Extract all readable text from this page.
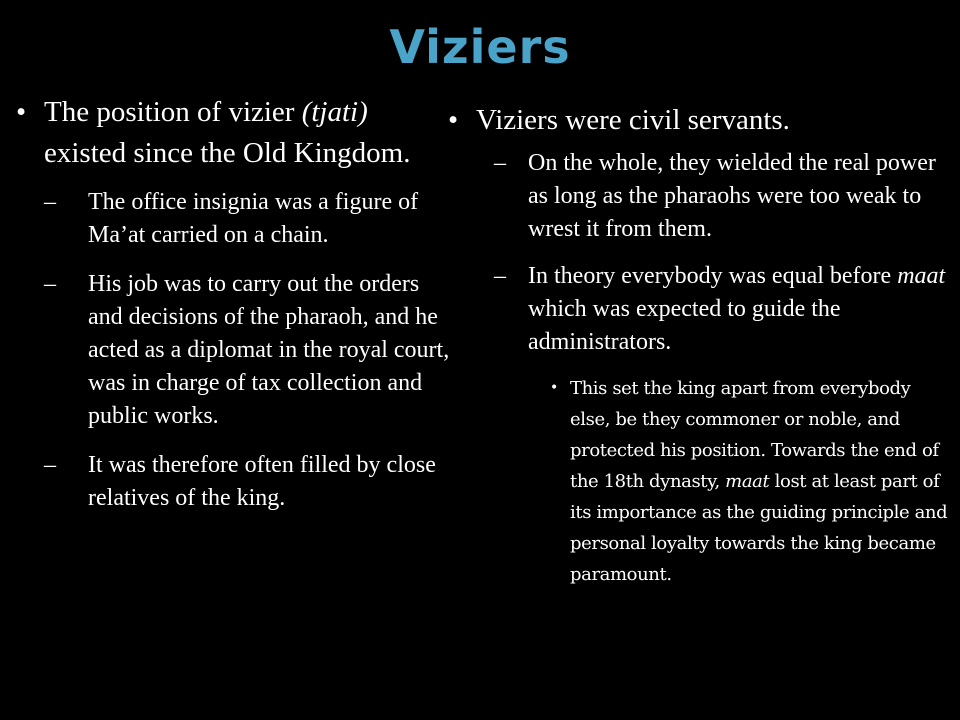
Viziers
• The position of vizier (tjati) existed since the Old Kingdom.
– The office insignia was a figure of Ma’at carried on a chain.
– His job was to carry out the orders and decisions of the pharaoh, and he acted as a diplomat in the royal court, was in charge of tax collection and public works.
– It was therefore often filled by close relatives of the king.
• Viziers were civil servants.
– On the whole, they wielded the real power as long as the pharaohs were too weak to wrest it from them.
– In theory everybody was equal before maat which was expected to guide the administrators.
• This set the king apart from everybody else, be they commoner or noble, and protected his position. Towards the end of the 18th dynasty, maat lost at least part of its importance as the guiding principle and personal loyalty towards the king became paramount.
